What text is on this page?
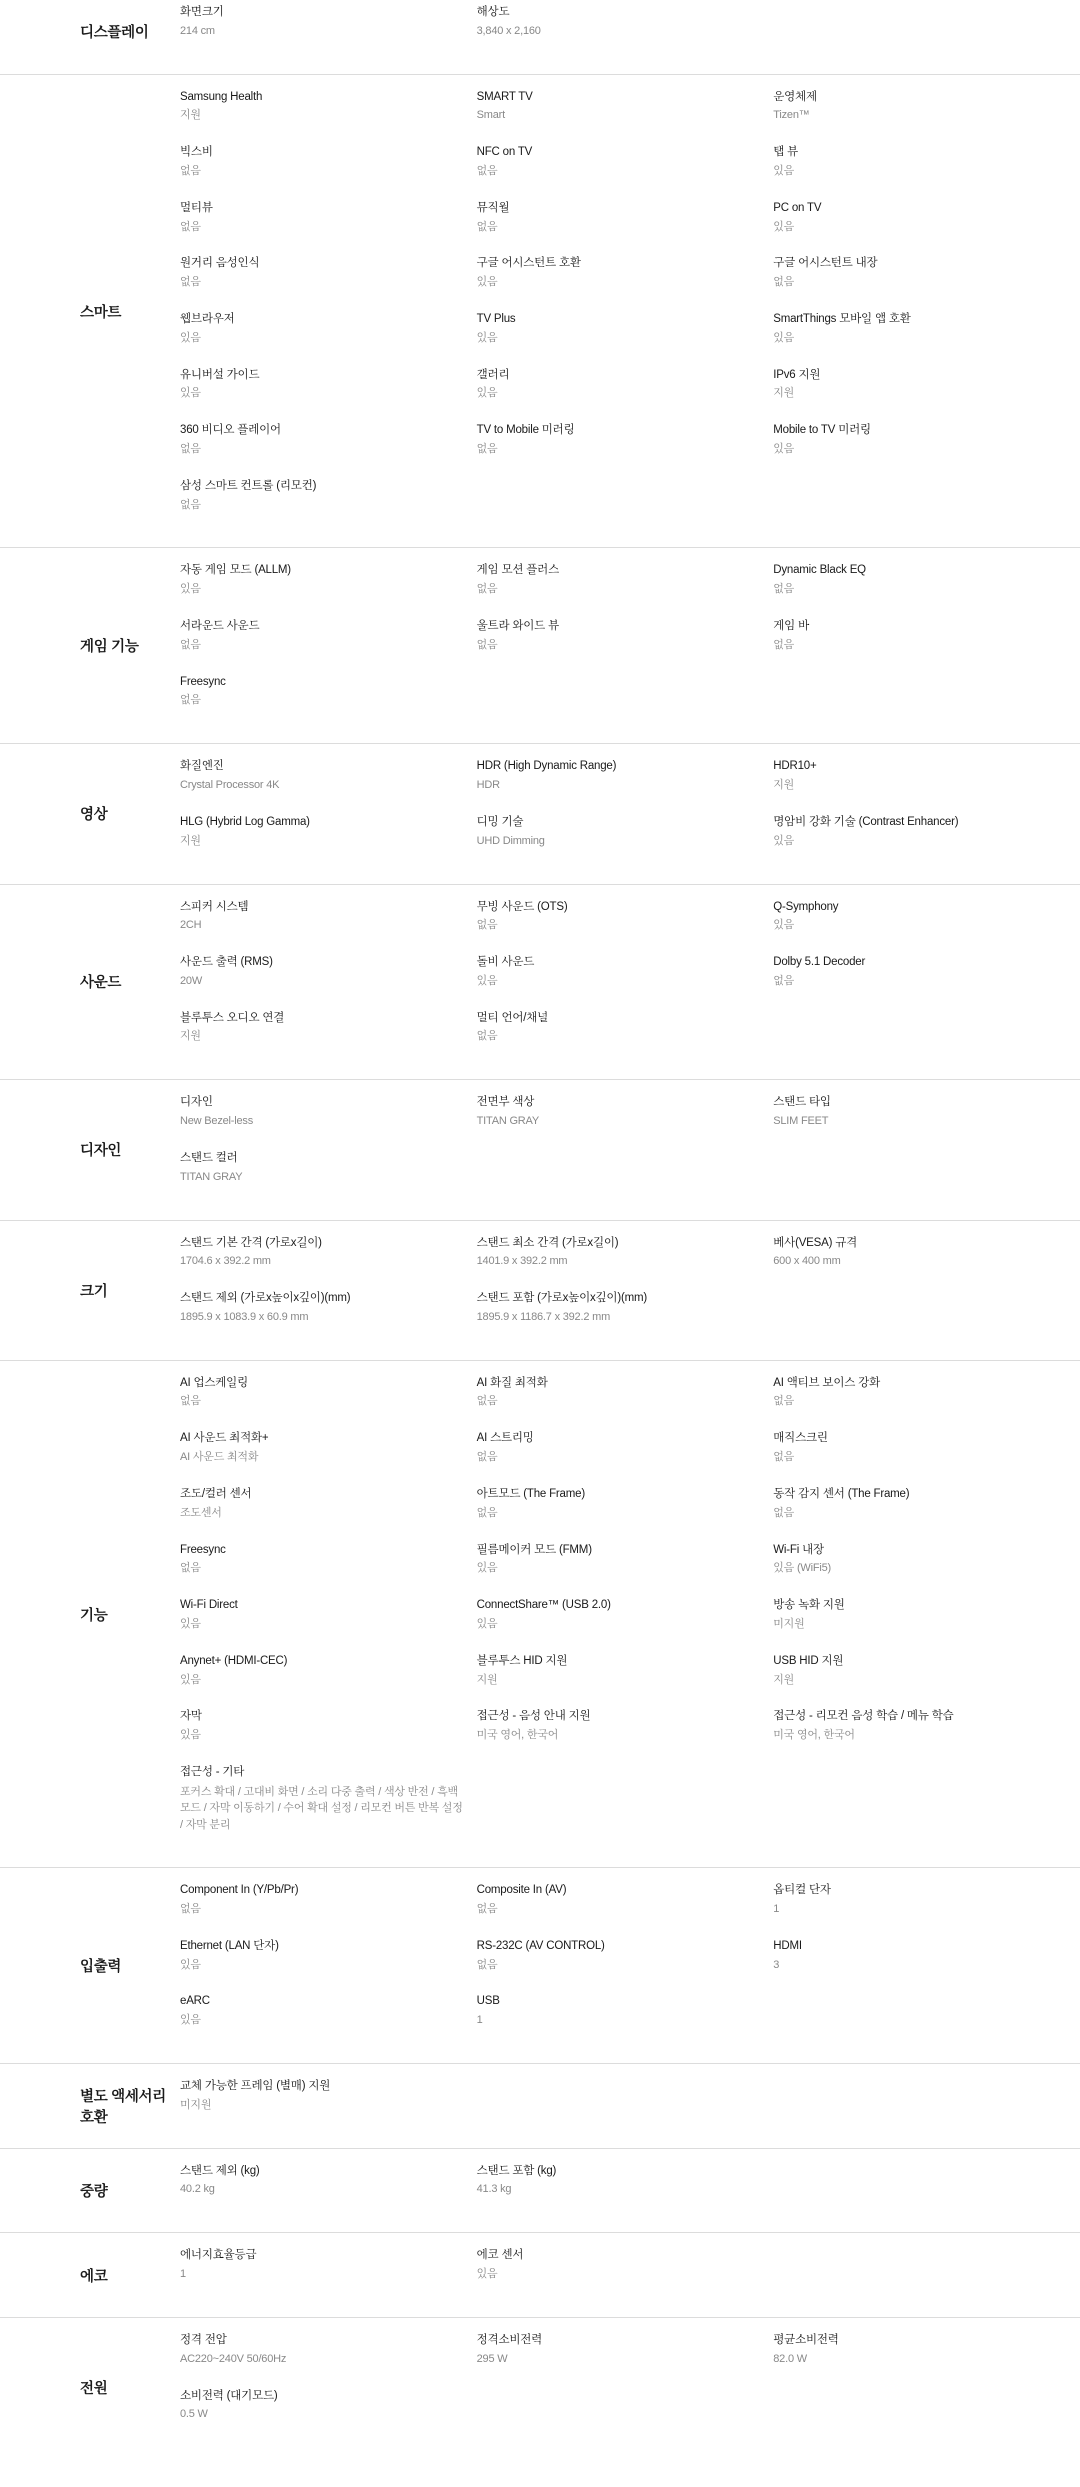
디스플레이
화면크기
214 cm
해상도
3,840 x 2,160
스마트
Samsung Health
지원
SMART TV
Smart
운영체제
Tizen™
빅스비
없음
NFC on TV
없음
탭 뷰
있음
멀티뷰
없음
뮤직월
없음
PC on TV
있음
원거리 음성인식
없음
구글 어시스턴트 호환
있음
구글 어시스턴트 내장
없음
웹브라우저
있음
TV Plus
있음
SmartThings 모바일 앱 호환
있음
유니버설 가이드
있음
갤러리
있음
IPv6 지원
지원
360 비디오 플레이어
없음
TV to Mobile 미러링
없음
Mobile to TV 미러링
있음
삼성 스마트 컨트롤 (리모컨)
없음
게임 기능
자동 게임 모드 (ALLM)
있음
게임 모션 플러스
없음
Dynamic Black EQ
없음
서라운드 사운드
없음
울트라 와이드 뷰
없음
게임 바
없음
Freesync
없음
영상
화질엔진
Crystal Processor 4K
HDR (High Dynamic Range)
HDR
HDR10+
지원
HLG (Hybrid Log Gamma)
지원
디밍 기술
UHD Dimming
명암비 강화 기술 (Contrast Enhancer)
있음
사운드
스피커 시스템
2CH
무빙 사운드 (OTS)
없음
Q-Symphony
있음
사운드 출력 (RMS)
20W
돌비 사운드
있음
Dolby 5.1 Decoder
없음
블루투스 오디오 연결
지원
멀티 언어/채널
없음
디자인
디자인
New Bezel-less
전면부 색상
TITAN GRAY
스탠드 타입
SLIM FEET
스탠드 컬러
TITAN GRAY
크기
스탠드 기본 간격 (가로x길이)
1704.6 x 392.2 mm
스탠드 최소 간격 (가로x길이)
1401.9 x 392.2 mm
베사(VESA) 규격
600 x 400 mm
스탠드 제외 (가로x높이x깊이)(mm)
1895.9 x 1083.9 x 60.9 mm
스탠드 포함 (가로x높이x깊이)(mm)
1895.9 x 1186.7 x 392.2 mm
기능
AI 업스케일링
없음
AI 화질 최적화
없음
AI 액티브 보이스 강화
없음
AI 사운드 최적화+
AI 사운드 최적화
AI 스트리밍
없음
매직스크린
없음
조도/컬러 센서
조도센서
아트모드 (The Frame)
없음
동작 감지 센서 (The Frame)
없음
Freesync
없음
필름메이커 모드 (FMM)
있음
Wi-Fi 내장
있음 (WiFi5)
Wi-Fi Direct
있음
ConnectShare™ (USB 2.0)
있음
방송 녹화 지원
미지원
Anynet+ (HDMI-CEC)
있음
블루투스 HID 지원
지원
USB HID 지원
지원
자막
있음
접근성 - 음성 안내 지원
미국 영어, 한국어
접근성 - 리모컨 음성 학습 / 메뉴 학습
미국 영어, 한국어
접근성 - 기타
포커스 확대 / 고대비 화면 / 소리 다중 출력 / 색상 반전 / 흑백 모드 / 자막 이동하기 / 수어 확대 설정 / 리모컨 버튼 반복 설정 / 자막 분리
입출력
Component In (Y/Pb/Pr)
없음
Composite In (AV)
없음
옵티컬 단자
1
Ethernet (LAN 단자)
있음
RS-232C (AV CONTROL)
없음
HDMI
3
eARC
있음
USB
1
별도 액세서리 호환
교체 가능한 프레임 (별매) 지원
미지원
중량
스탠드 제외 (kg)
40.2 kg
스탠드 포함 (kg)
41.3 kg
에코
에너지효율등급
1
에코 센서
있음
전원
정격 전압
AC220~240V 50/60Hz
정격소비전력
295 W
평균소비전력
82.0 W
소비전력 (대기모드)
0.5 W
